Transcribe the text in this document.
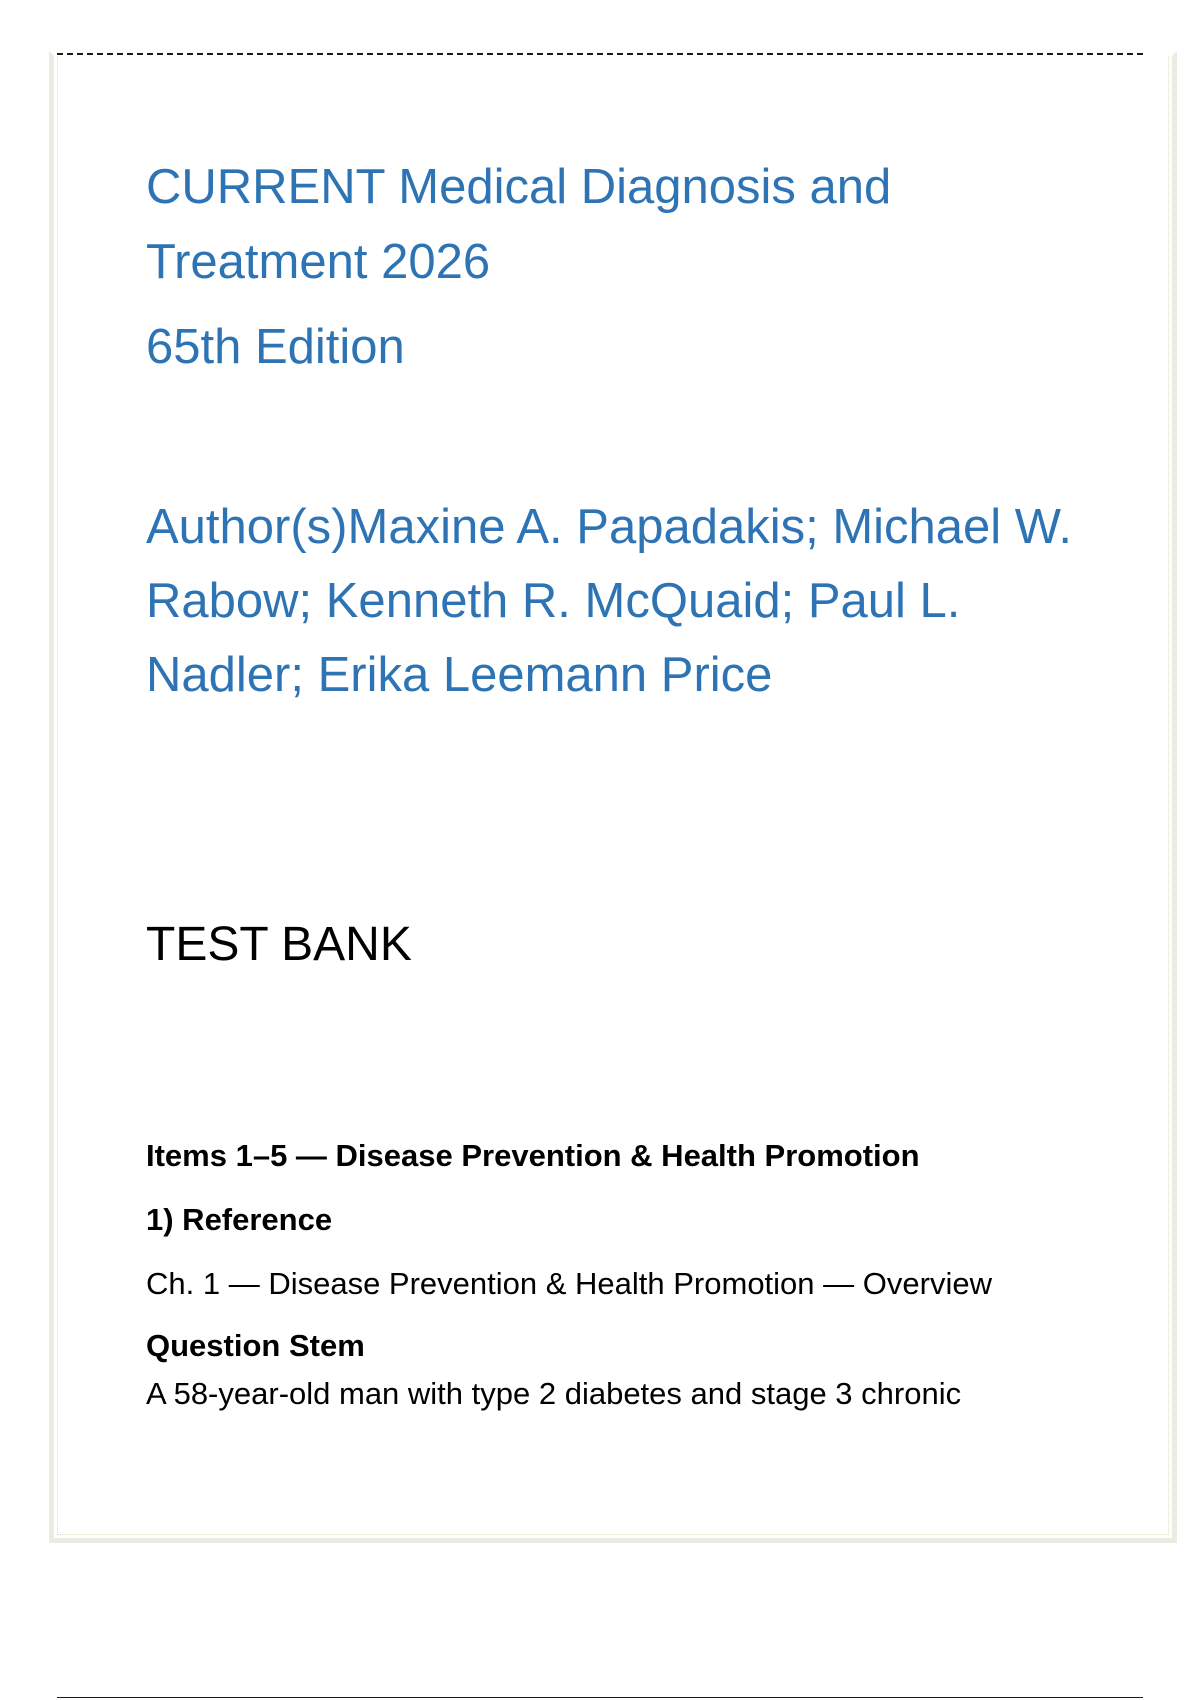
CURRENT Medical Diagnosis and
Treatment 2026
65th Edition
Author(s)Maxine A. Papadakis; Michael W. Rabow; Kenneth R. McQuaid; Paul L. Nadler; Erika Leemann Price
TEST BANK
Items 1–5 — Disease Prevention & Health Promotion
1) Reference
Ch. 1 — Disease Prevention & Health Promotion — Overview
Question Stem
A 58-year-old man with type 2 diabetes and stage 3 chronic
